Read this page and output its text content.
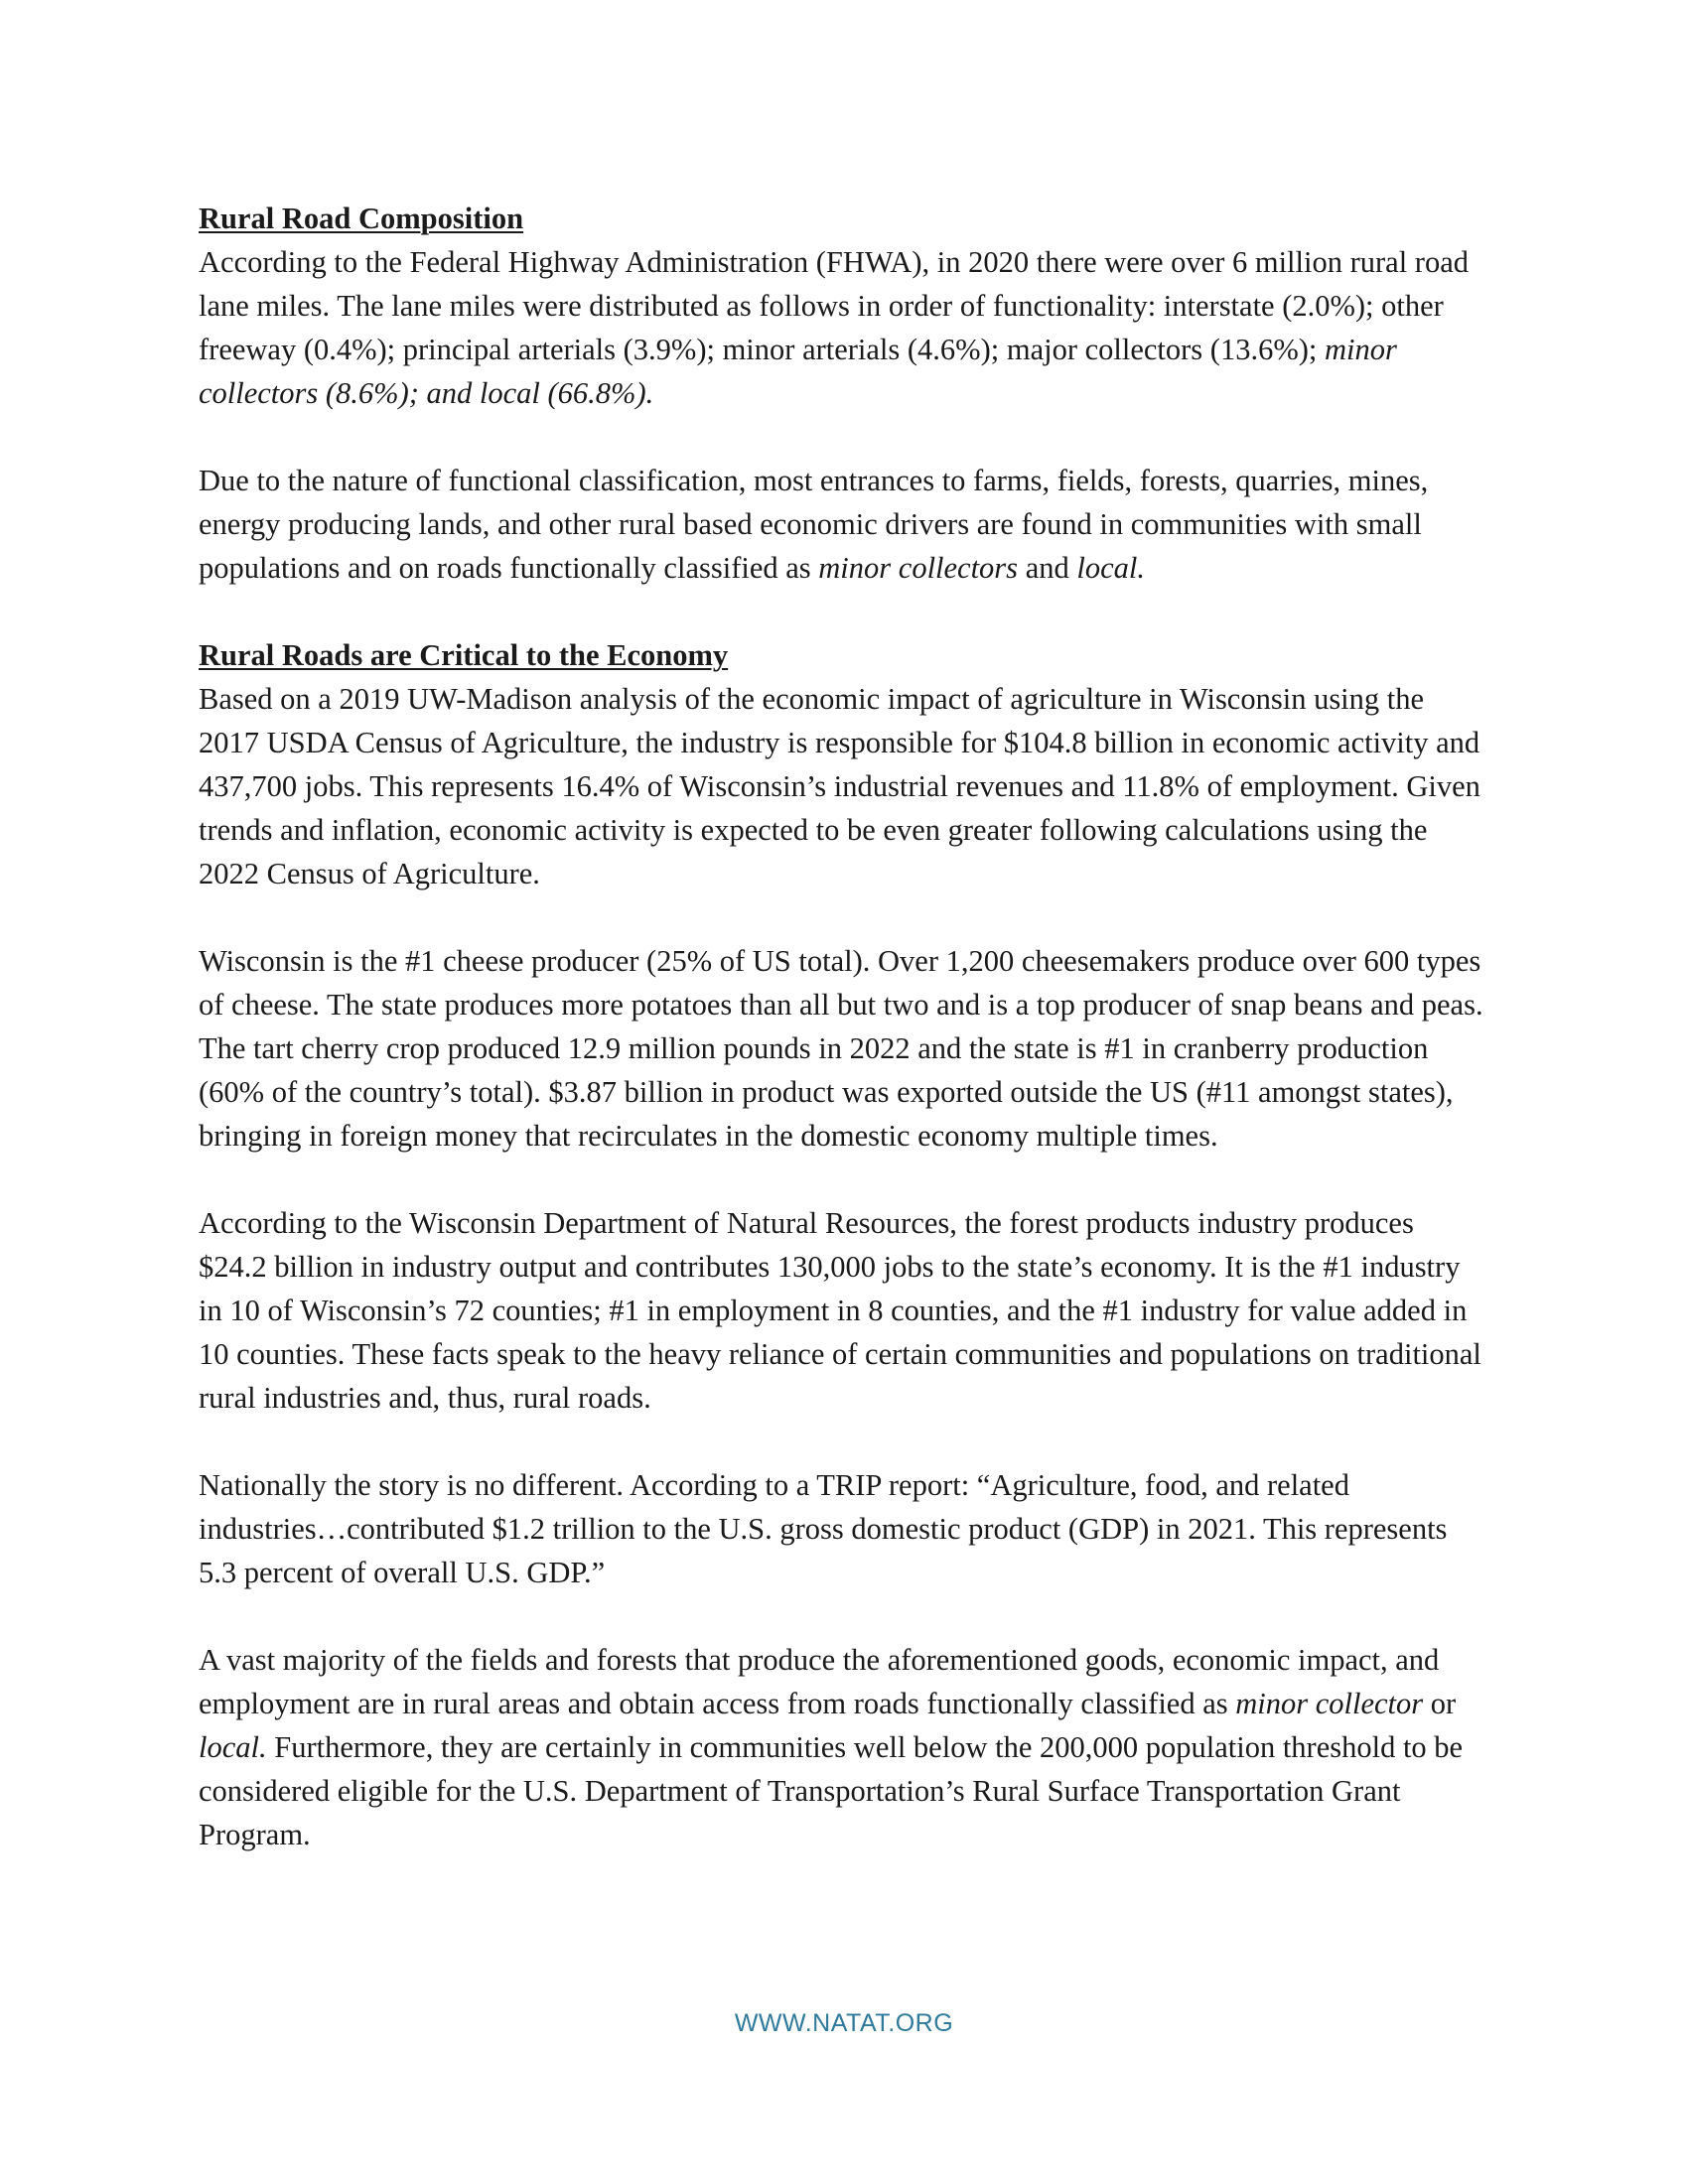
Rural Road Composition

According to the Federal Highway Administration (FHWA), in 2020 there were over 6 million rural road lane miles. The lane miles were distributed as follows in order of functionality: interstate (2.0%); other freeway (0.4%); principal arterials (3.9%); minor arterials (4.6%); major collectors (13.6%); minor collectors (8.6%); and local (66.8%).

Due to the nature of functional classification, most entrances to farms, fields, forests, quarries, mines, energy producing lands, and other rural based economic drivers are found in communities with small populations and on roads functionally classified as minor collectors and local.

Rural Roads are Critical to the Economy

Based on a 2019 UW-Madison analysis of the economic impact of agriculture in Wisconsin using the 2017 USDA Census of Agriculture, the industry is responsible for $104.8 billion in economic activity and 437,700 jobs. This represents 16.4% of Wisconsin’s industrial revenues and 11.8% of employment. Given trends and inflation, economic activity is expected to be even greater following calculations using the 2022 Census of Agriculture.

Wisconsin is the #1 cheese producer (25% of US total). Over 1,200 cheesemakers produce over 600 types of cheese. The state produces more potatoes than all but two and is a top producer of snap beans and peas. The tart cherry crop produced 12.9 million pounds in 2022 and the state is #1 in cranberry production (60% of the country’s total). $3.87 billion in product was exported outside the US (#11 amongst states), bringing in foreign money that recirculates in the domestic economy multiple times.

According to the Wisconsin Department of Natural Resources, the forest products industry produces $24.2 billion in industry output and contributes 130,000 jobs to the state’s economy. It is the #1 industry in 10 of Wisconsin’s 72 counties; #1 in employment in 8 counties, and the #1 industry for value added in 10 counties. These facts speak to the heavy reliance of certain communities and populations on traditional rural industries and, thus, rural roads.

Nationally the story is no different. According to a TRIP report: “Agriculture, food, and related industries…contributed $1.2 trillion to the U.S. gross domestic product (GDP) in 2021. This represents 5.3 percent of overall U.S. GDP.”

A vast majority of the fields and forests that produce the aforementioned goods, economic impact, and employment are in rural areas and obtain access from roads functionally classified as minor collector or local. Furthermore, they are certainly in communities well below the 200,000 population threshold to be considered eligible for the U.S. Department of Transportation’s Rural Surface Transportation Grant Program.

WWW.NATAT.ORG
